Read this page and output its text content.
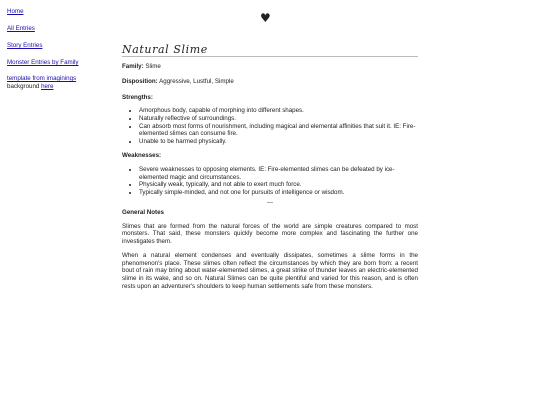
Home
All Entries
Story Entries
Monster Entries by Family
template from imaginings
background here
♥
Natural Slime
Family: Slime
Disposition: Aggressive, Lustful, Simple
Strengths:
• Amorphous body, capable of morphing into different shapes.
• Naturally reflective of surroundings.
• Can absorb most forms of nourishment, including magical and elemental affinities that suit it. IE: Fire-elemented slimes can consume fire.
• Unable to be harmed physically.
Weaknesses:
• Severe weaknesses to opposing elements. IE: Fire-elemented slimes can be defeated by ice-elemented magic and circumstances.
• Physically weak, typically, and not able to exert much force.
• Typically simple-minded, and not one for pursuits of intelligence or wisdom.
---
General Notes

Slimes that are formed from the natural forces of the world are simple creatures compared to most monsters. That said, these monsters quickly become more complex and fascinating the further one investigates them.

When a natural element condenses and eventually dissipates, sometimes a slime forms in the phenomenon's place. These slimes often reflect the circumstances by which they are born from: a recent bout of rain may bring about water-elemented slimes, a great strike of thunder leaves an electric-elemented slime in its wake, and so on. Natural Slimes can be quite plentiful and varied for this reason, and is often rests upon an adventurer's shoulders to keep human settlements safe from these monsters.
